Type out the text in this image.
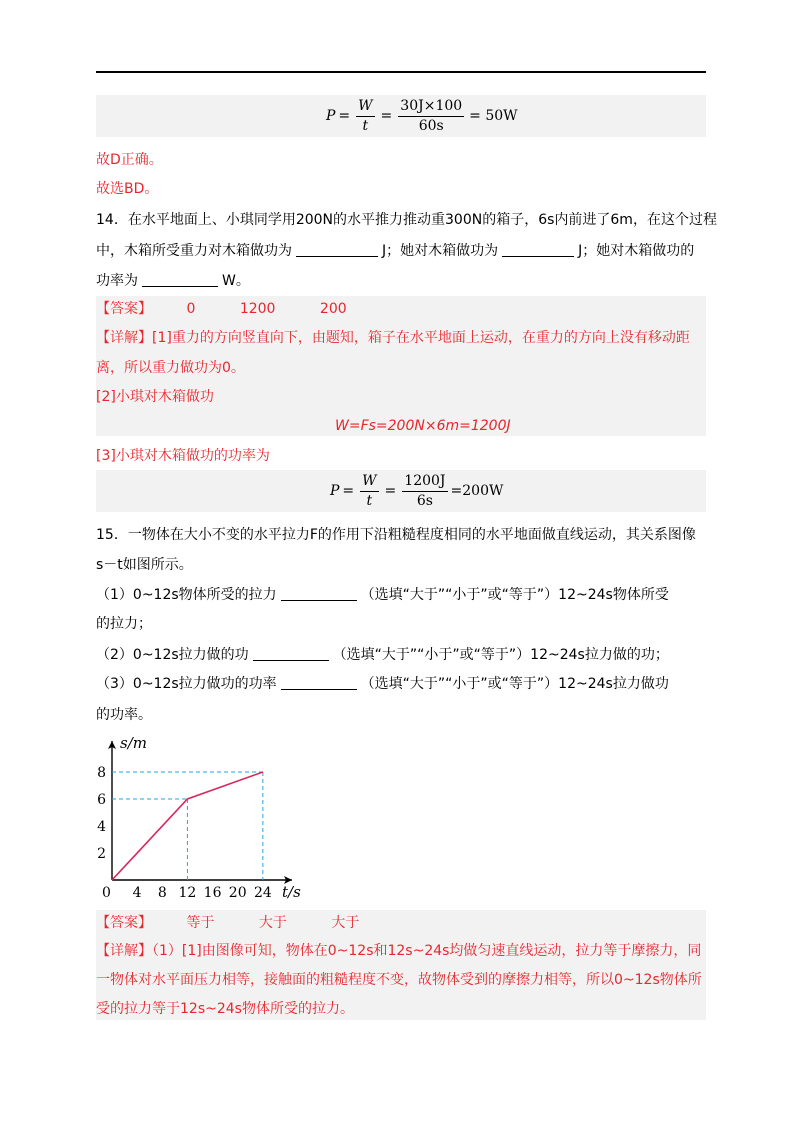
$P = \frac{W}{t} = \frac{30J\times 100}{60s} = 50W$
故D正确。
故选BD。
14．在水平地面上、小琪同学用200N的水平推力推动重300N的箱子，6s内前进了6m，在这个过程
中，木箱所受重力对木箱做功为	J；她对木箱做功为	J；她对木箱做功的
功率为	W。
【答案】 0	1200	200
【详解】[1]重力的方向竖直向下，由题知，箱子在水平地面上运动，在重力的方向上没有移动距
离，所以重力做功为0。
[2]小琪对木箱做功
W=Fs=200N×6m=1200J
[3]小琪对木箱做功的功率为
$P = \frac{W}{t} = \frac{1200J}{6s} =200W$
15．一物体在大小不变的水平拉力F的作用下沿粗糙程度相同的水平地面做直线运动，其关系图像
s－t如图所示。
（1）0~12s物体所受的拉力	（选填“大于”“小于”或“等于”）12~24s物体所受
的拉力；
（2）0~12s拉力做的功	（选填“大于”“小于”或“等于”）12~24s拉力做的功；
（3）0~12s拉力做功的功率	（选填“大于”“小于”或“等于”）12~24s拉力做功
的功率。
0 4 8 12 16 20 24
2
4
6
8
s/m
t/s
【答案】 等于	大于	大于
【详解】（1）[1]由图像可知，物体在0~12s和12s~24s均做匀速直线运动，拉力等于摩擦力，同
一物体对水平面压力相等，接触面的粗糙程度不变，故物体受到的摩擦力相等，所以0~12s物体所
受的拉力等于12s~24s物体所受的拉力。
